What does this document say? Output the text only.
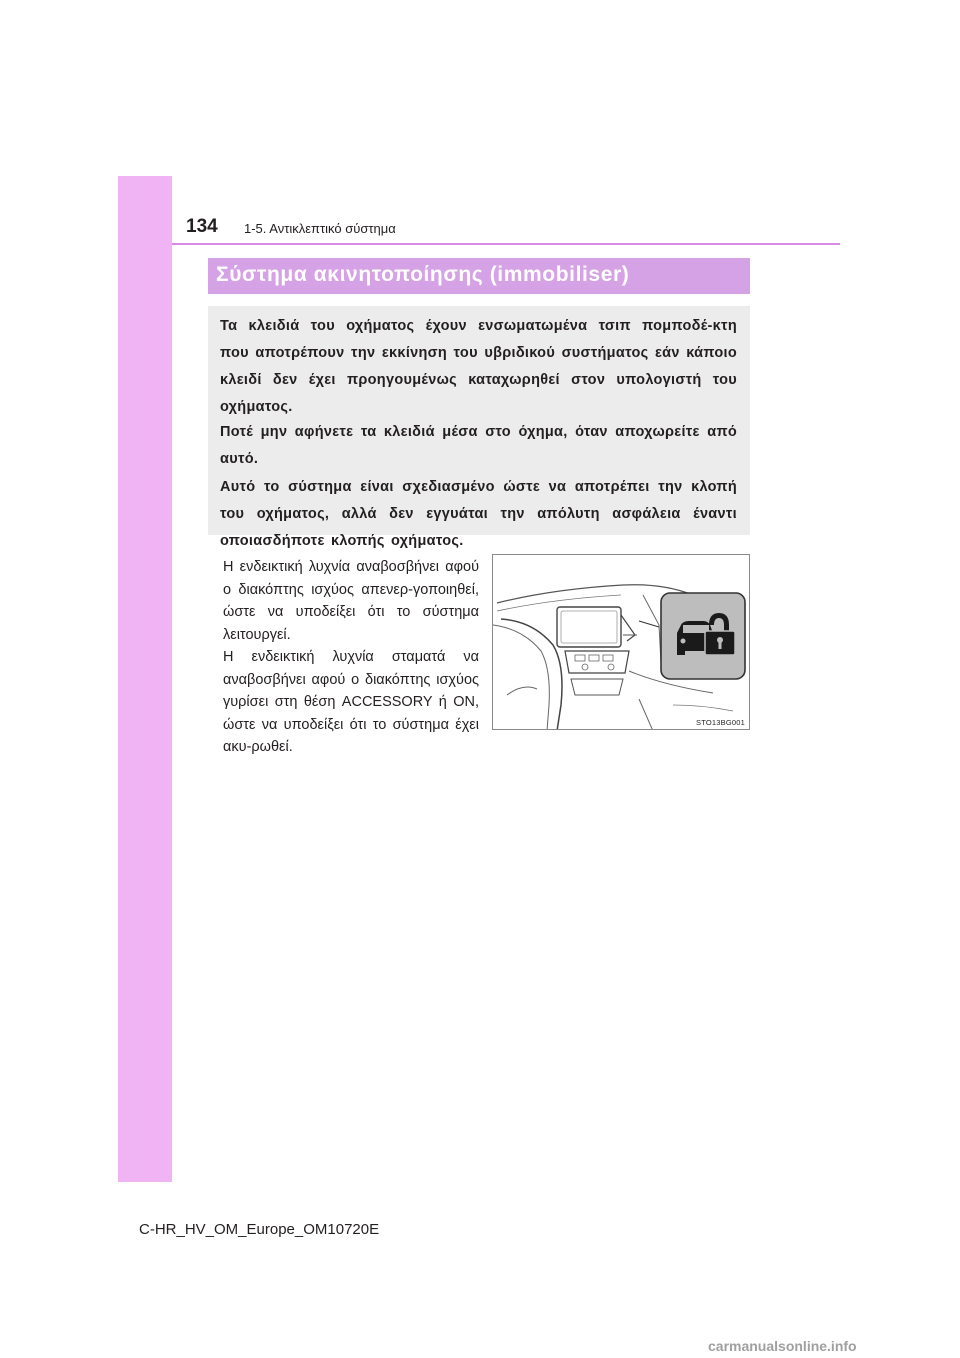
134 1-5. Αντικλεπτικό σύστημα
Σύστημα ακινητοποίησης (immobiliser)

Τα κλειδιά του οχήματος έχουν ενσωματωμένα τσιπ πομποδέ-κτη που αποτρέπουν την εκκίνηση του υβριδικού συστήματος εάν κάποιο κλειδί δεν έχει προηγουμένως καταχωρηθεί στον υπολογιστή του οχήματος.

Ποτέ μην αφήνετε τα κλειδιά μέσα στο όχημα, όταν αποχωρείτε από αυτό.

Αυτό το σύστημα είναι σχεδιασμένο ώστε να αποτρέπει την κλοπή του οχήματος, αλλά δεν εγγυάται την απόλυτη ασφάλεια έναντι οποιασδήποτε κλοπής οχήματος.

Η ενδεικτική λυχνία αναβοσβήνει αφού ο διακόπτης ισχύος απενερ-γοποιηθεί, ώστε να υποδείξει ότι το σύστημα λειτουργεί.

Η ενδεικτική λυχνία σταματά να αναβοσβήνει αφού ο διακόπτης ισχύος γυρίσει στη θέση ACCESSORY ή ON, ώστε να υποδείξει ότι το σύστημα έχει ακυ-ρωθεί.

STO13BG001
C-HR_HV_OM_Europe_OM10720E
carmanualsonline.info
